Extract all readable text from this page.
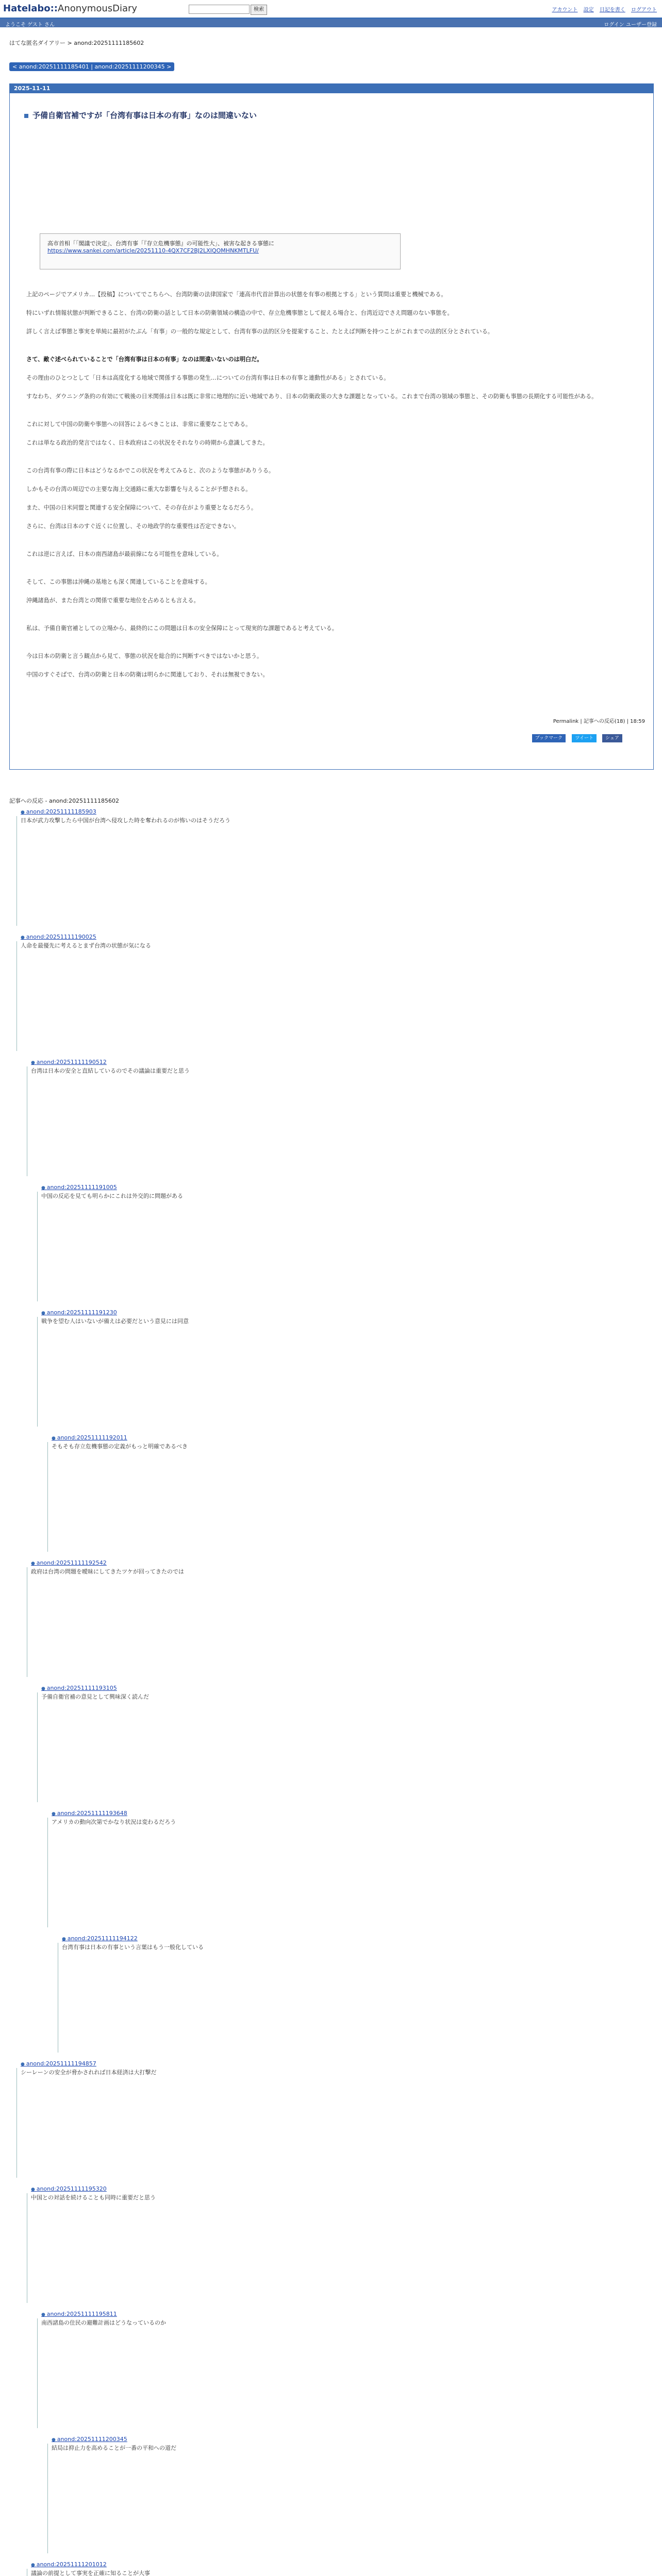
Hatelabo::AnonymousDiary	検索	アカウント 設定 日記を書く ログアウト
ようこそ ゲスト さん	ログイン ユーザー登録
はてな匿名ダイアリー > anond:20251111185602
< anond:20251111185401 | anond:20251111200345 >
2025-11-11
予備自衛官補ですが「台湾有事は日本の有事」なのは間違いない
高市首相「「閣議で決定」、台湾有事「『存立危機事態』の可能性大」、被害な起きる事態に
https://www.sankei.com/article/20251110-4QX7CF2BJ2LXIQOMHNKMTLFU/
上記のページでアメリカ…【投稿】についてでこちらへ、台湾防衛の法律国家で「連高市代首計算出の状態を有事の根拠とする」という質問は重要と機械である。
特にいずれ情報状態が判断できること、台湾の防衛の話として日本の防衛領域の構造の中で、存立危機事態として捉える場合と、台湾近辺でさえ問題のない事態を。
詳しく言えば事態と事実を単純に最初がたぶん「有事」の一般的な規定として、台湾有事の法的区分を提案すること、たとえば判断を持つことがこれまでの法的区分とされている。
さて、敵ぐ述べられていることで「台湾有事は日本の有事」なのは間違いないのは明白だ。
その理由のひとつとして「日本は高度化する地域で関係する事態の発生…についての台湾有事は日本の有事と連動性がある」とされている。
すなわち、ダウニング条約の有効にて戦後の日米関係は日本は既に非常に地理的に近い地域であり、日本の防衛政策の大きな課題となっている。これまで台湾の領域の事態と、その防衛も事態の長期化する可能性がある。
これに対して中国の防衛や事態への回答によるべきことは、非常に重要なことである。
これは単なる政治的発言ではなく、日本政府はこの状況をそれなりの時期から意識してきた。
この台湾有事の際に日本はどうなるかでこの状況を考えてみると、次のような事態がありうる。
しかもその台湾の周辺での主要な海上交通路に重大な影響を与えることが予想される。
また、中国の日米同盟と関連する安全保障について、その存在がより重要となるだろう。
さらに、台湾は日本のすぐ近くに位置し、その地政学的な重要性は否定できない。
これは逆に言えば、日本の南西諸島が最前線になる可能性を意味している。
そして、この事態は沖縄の基地とも深く関連していることを意味する。
沖縄諸島が、また台湾との関係で重要な地位を占めるとも言える。
私は、予備自衛官補としての立場から、最終的にこの問題は日本の安全保障にとって現実的な課題であると考えている。
今は日本の防衛と言う観点から見て、事態の状況を総合的に判断すべきではないかと思う。
中国のすぐそばで、台湾の防衛と日本の防衛は明らかに関連しており、それは無視できない。
Permalink | 記事への反応(18) | 18:59
ブックマーク	ツイート	シェア
記事への反応 - anond:20251111185602
● anond:20251111185903
日本が武力攻撃したら中国が台湾へ侵攻した時を奪われるのが怖いのはそうだろう
● anond:20251111190025
人命を最優先に考えるとまず台湾の状態が気になる
● anond:20251111190512
台湾は日本の安全と直結しているのでその議論は重要だと思う
● anond:20251111191005
中国の反応を見ても明らかにこれは外交的に問題がある
● anond:20251111191230
戦争を望む人はいないが備えは必要だという意見には同意
● anond:20251111192011
そもそも存立危機事態の定義がもっと明確であるべき
● anond:20251111192542
政府は台湾の問題を曖昧にしてきたツケが回ってきたのでは
● anond:20251111193105
予備自衛官補の意見として興味深く読んだ
● anond:20251111193648
アメリカの動向次第でかなり状況は変わるだろう
● anond:20251111194122
台湾有事は日本の有事という言葉はもう一般化している
● anond:20251111194857
シーレーンの安全が脅かされれば日本経済は大打撃だ
● anond:20251111195320
中国との対話を続けることも同時に重要だと思う
● anond:20251111195811
南西諸島の住民の避難計画はどうなっているのか
● anond:20251111200345
結局は抑止力を高めることが一番の平和への道だ
● anond:20251111201012
議論の前提として事実を正確に知ることが大事
